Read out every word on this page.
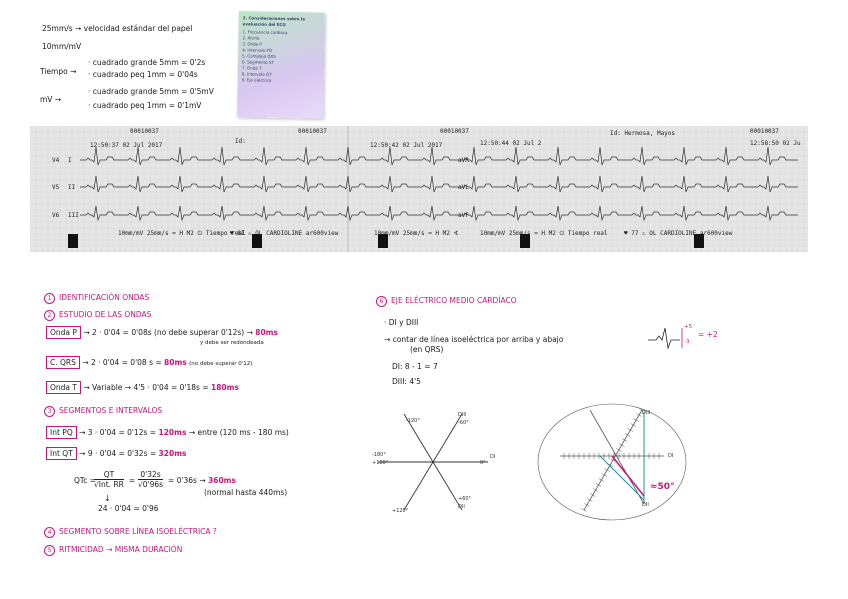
25mm/s → velocidad estándar del papel
10mm/mV
Tiempo →
· cuadrado grande 5mm = 0'2s
· cuadrado peq 1mm = 0'04s
mV →
· cuadrado grande 5mm = 0'5mV
· cuadrado peq 1mm = 0'1mV
2. Consideraciones sobre la evaluación del ECG
1. Frecuencia cardíaca
2. Ritmo
3. Onda P
4. Intervalo PQ
5. Complejo QRS
6. Segmento ST
7. Onda T
8. Intervalo QT
9. Eje eléctrico
00010037	00010037	00010037	00010037
12:50:37 02 Jul 2017
Id:
12:50:42 02 Jul 2017	12:50:44 02 Jul 2
Id: Hermosa, Mayos
12:58:50 02 Ju
V4 I
V5 II
V6 III
aVR
aVL
aVF
10mm/mV 25mm/s ≈ H M2 ⏻ Tiempo real
♥ 81 ⚠ OL CARDIOLINE ar600view	10mm/mV 25mm/s ≈ H M2 ∢	10mm/mV 25mm/s ≈ H M2 ⏻ Tiempo real	♥ 77 ⚠ OL CARDIOLINE ar600view
1 IDENTIFICACIÓN ONDAS
2 ESTUDIO DE LAS ONDAS
Onda P → 2 · 0'04 = 0'08s (no debe superar 0'12s) → 80ms
y debe ser redondeada
C. QRS → 2 · 0'04 = 0'08 s = 80ms (no debe superar 0'12)
Onda T → Variable → 4'5 · 0'04 = 0'18s = 180ms
3 SEGMENTOS E INTERVALOS
Int PQ → 3 · 0'04 = 0'12s = 120ms → entre (120 ms - 180 ms)
Int QT → 9 · 0'04 = 0'32s = 320ms
QTc =
QT
√Int. RR = $\frac{0'32s}{√0'96s} = 0'36s \to 360ms$
(normal hasta 440ms)
↓
24 · 0'04 = 0'96
4 SEGMENTO SOBRE LÍNEA ISOELÉCTRICA ?
5 RITMICIDAD → MISMA DURACIÓN
6 EJE ELÉCTRICO MEDIO CARDÍACO
· DI y DIII
→ contar de línea isoeléctrica por arriba y abajo
(en QRS)
+5
-3
= +2
DI: 8 - 1 = 7
DIII: 4'5
-120°
DIII
-60°
-180°
+180°	0°
DI
+60°
DII
+120°
DIII
DI
DII
≈50°
